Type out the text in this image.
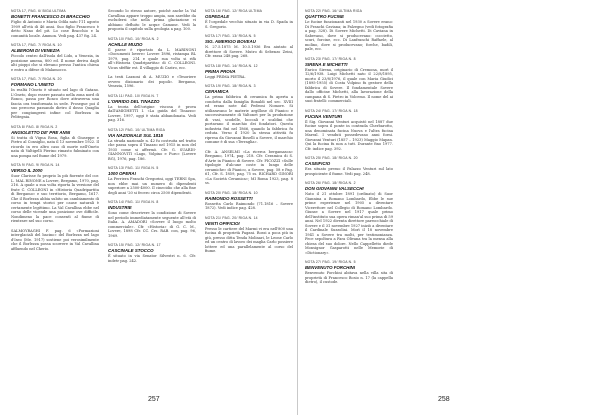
NOTA 17, PAG. 6/ BIGA ULTIMA
BONETTI FRANCESCO DI BRACCHIO
Figlio di Antonio e Maria Odila nato l'11 agosto 1909 all'età di 46 anni. Suo figlio Francesco è detto Nano del pit. Lo cose Bracchio e la comunità locale. Ammon. Vedi pag. 437 fig. 24.
NOTA 17, PAG. 7/ RIGA N. 10
ALBERONI DI VENEZIA
Piccolo centro dall'isola del Lido, a Venezia, in posizione amena, 800 ed. Il nome deriva dagli alti pioppi che si elevano presso l'antica chiesa e entro a difese di Malamocco.
NOTA 17, PAG. 7/ RIGA N. 20
FORMANO L'UNETO
In realtà l'Oneto è situato nel lago di Gatano. L'Oneto, dopo essere passato nella zona nord di Ronco, passa per Ronco dove attraversa una fascia ora trasformata in sede. Prosegue poi il suo percorso passando dietro il dosso Quaglia per congiungersi infine col Borlezza in Pelitegnia.
NOTA 8/ PAG. 8/ RIGA N. 2
ANGIOLETTO DE' PRE ANNI
Si tratta di Vigna Rosa, figlia di Giuseppe e Pietro al Consiglio, nata il 13 novembre 1922. Il ricordo in ero altro caso di morte nell'Oneto nata di Valtigelli Pierino rimasto fulminato con una pompa nel fiume del 1979.
NOTA 9/ PAG. 9/ RIGA N. 14
VERSO IL 2000
Suor Clarisse fu proprio la più fiorente del cor. L. MAL RINONE a Lovere, Bergamo, 1970, pag. 216. A quale a sua volta riporta la versione del frate C. COLLEONI in «Historia Quadripartita di Bergamo» e suo territorio, Bergamo, 1617. Che il Borlezza abbia subito un cambiamento di corso in tempi storici per cause naturali è certamente legittimo. La Val Cavallina ebbe nel corso delle vicende una posizione ove difficile. Nondimeno la pace consentì al fiume di rientrare nel suo corso.
SALMOYRAGHI F. pag. 6 «Formazioni interglaciali del bacino» del Borlezza nel lago d'Iseo (Me. 1917) sostiene poi verosimilmente che il Borlezza possa scorrere in Val Cavallina affluendo nel Cherio.
Secondo lo stesso autore, poiché anche la Val Cavallina appare troppo ampia, non sarebbe da escludersi che nella prima glaciazione vi abbiano defluito le acque Camune. Vedi la proposta il capitolo sulla geologia a pag. 100.
NOTA 10/ PAG. 10/ RIGA N. 2
ACHILLE MUZIO
Il paese è riportato da L. MARINONI «Documenti lovere» Lovere 1896, ristampa BL 1979, pag. 214 e quale sua volta si rifà all'«Historia Quadripartita» di C. COLLEONI. Vicus sfeffiir est. Il villaggio di Castro, ecc.
La testi Lazzoni di A. MUZIO e «Tesoriere ovvero dizionario dei popoli». Bergamo, Venezia, 1596.
NOTA 11/ PAG. 10/ RIGA N. 7
L'ORRIDO DEL TINAZZO
La teoria dell'origine viscosa è prova dall'AMIGHETTI I. «La guida del Tinazzo» Lovere, 1997, oggi è stata abbandonata. Vedi pag. 316.
NOTA 12/ PAG. 10/ ULTIMA RIGA
VIA NAZIONALE SUL 1815
La strada nazionale n. 42 fu costruita nel tratto che passa sopra il Tinazzo nel 1915 in non del 1935 come si affermò. Cfr. G. SUARDI-GIANNOVITI «Lago, Volpino e Furo» (Lovere BG), 1976, pag. 186.
NOTA 13/ PAG. 11/ RIGA N. 5
1000 OPERAI
La Ferriera Franchi Gregorini, oggi TERNI Spa, non ebbe mai un numero di dipendenti superiore a 2500-4000. Il cinecidio che alla fine degli anni '20 si fecero circa 2500 dipendenti.
NOTA 14/ PAG. 11/ RIGA N. 8
INDUSTRIE
Sono come descrivere la condizione di Sovere nel periodo immediatamente seguente all'età di Italia. A. AMADORI «Sovere il luogo molto commerciale». Cfr. «Historia» di G. C. M., Lovere, 1898 Cfr. CC. Crs. RAB. con, pag. 96, 1969.
NOTA 15/ PAG. 12/ RIGA N. 17
CASCINALE STOCCO
È situato in via Senator Silvestri n. 6. Cfr. indetr pag. 242.
NOTA 16/ PAG. 12/ RIGA ULTIMA
OSPEDALE
È l'ospedale vecchio situato in via D. Spada in S. Gregorio.
NOTA 17/ PAG. 13/ RIGA N. 5
SIG. AMERIGO BOVEAU
N. 27.5.1875 M. 10.5.1936 Era aiutato al direttore di Sovere. Mutro di Sebenzo Zeini, Cfr. rassa 248 pag. 268.
NOTA 18/ PAG. 14/ RIGA N. 12
PRIMA PROVA
Leggi PRIMA PIETRA.
NOTA 19/ PAG. 18/ RIGA N. 3
CERAMICA
La prima fabbrica di ceramica fu aperta a condotta dalla famiglia Bonaldi nel sec. XVIII ed erano note dal Pedroni Nomore. Si utilizzavano le materie argillose di Pianico e successivamente di Valtonet per la produzione di vasi, scodelle, boccali e scaldini che portavano il marchio dei fondatori. Questa industria finì nel 1866, quando la fabbrica fu ceduta. Verso il 1920 la stessa attività fu ripresa da Giovanni Boselli a Sovere, il marchio comune è di sua «Terraglia».
Cfr. A. ANSELMI «La ricerca bergamasca» Bergamo, 1974, pag. 218. Cfr. Ceramica di S. d'Arte in Pianico di Sovere. Cfr. PICOZZI «Sulle tipologie d'alcune coste in lungo delle ceramiche» di Pianico, a Sovere, pag. 58 e Pag. 61, Cfr. S. 1859, pag. 75 ss. RICHARD GINORI «La Società Ceramica»; MI Roma 1923, pag. 8 ss.
NOTA 20/ PAG. 18/ RIGA N. 10
RAIMONDO ROSSETTI
Rossetta Carlo Raimondo (71.1816 – Sovere 1872). Vedi indice pag. 428.
NOTA 21/ PAG. 20/ RIGA N. 14
VENTI OPIFICIOI
Presso le cartiere del Marmi vi era nell'800 una fucina di proprietà Pagani. Rossi a poca più in giù, presso ditta Tenda Molinari, le Leone Carlo ed un centro di lavoro dei maglia Carlo possiere lottere ed una parallelamente al corso del fiume.
257
NOTA 22/ PAG. 16/ ULTIMA RIGA
QUATTRO FUCINE
Le fucine funzionanti nel 1930 a Sovere erano: Di Franchi Caviana; in Palzegno (vedi fotografia a pag. 328). Di Sovere Michetti. Di Caviana in Sabevano, dove si producevano: coccietto, scuri, forcine, ecc. Di Lanfranchi Raffaele, al molino, dove si producevano; forche, badili, pale, ecc.
NOTA 23/ PAG. 17/ RIGA N. 8
SIRENA E MICHETTI
Enrico Sirena, originario di Cremona, morì il 12/6/1938. Luigi Michetti nato il 22/8/1895, morto il 23/8/1976, il quale con Maria Giudici (1895-1955) di Costa Volpino fu gestore della fabbrica di Sovere. Il fondamentale Sovere dallo officine Michetti, alla lavorazione della campana di S. Pietro in Volcemo. Il nome del ai suoi fratelli: commerciali.
NOTA 24/ PAG. 17/ RIGA N. 18
FUCINA VENTURI
Il Sig. Giovanni Venturi acquistò nel 1887 due fucine sopra il ponte in contrada Cherbarotto, una denominata fucina Nuova e l'altra fucina Marral. I venduti possedevano anni forni. Giovanni Venturi (1857 – 1923) Maggio Mapan. Qui la fucina fu non a tutt. Durante fino 1977. Cfr. indice pag. 392.
NOTA 25/ PAG. 18/ RIGA N. 20
CASEIFICIO
Era situato presso il Palazzo Venturi sul lato prospiciente il fiume. Vedi pag. 248.
NOTA 26/ PAG. 18/ RIGA N. 2
DON GIOVANNI VALSECCHI
Nato il 21 ottobre 1891 (ordinato) di Suor Giannina a Romano Lombardo, Ebbe le sue prime esperienze nel 1905 a diventare Vicerettore nel Collegio di Romano Lombardo. Giunse a Sovere nel 1917 quale primo dell'instituto sua opera riman'al suo prima di 59 anni. Nel 1922 diventa direttore parrocchiale di Sovere e il 31 novembre 1927 iniziò a diventare il Cardinale Suzzolini. Morì il 18 novembre 1941 a Sovere tra molti, per testimonianza. Fece sepoltura a Fara Olivana tra la mensa alla chiesa del suo dolore. Nello Cappelletto diede Monsignor Gasparotti nelle Memorie di «Dictionary».
NOTA 27/ PAG. 19/ RIGA N. 5
BENVENUTO FORCHINI
Benvenuto Forchini abitava nella villa sita di proprietà di Francesco Bosio n. 17 (la cappella dietro), il custode.
258
